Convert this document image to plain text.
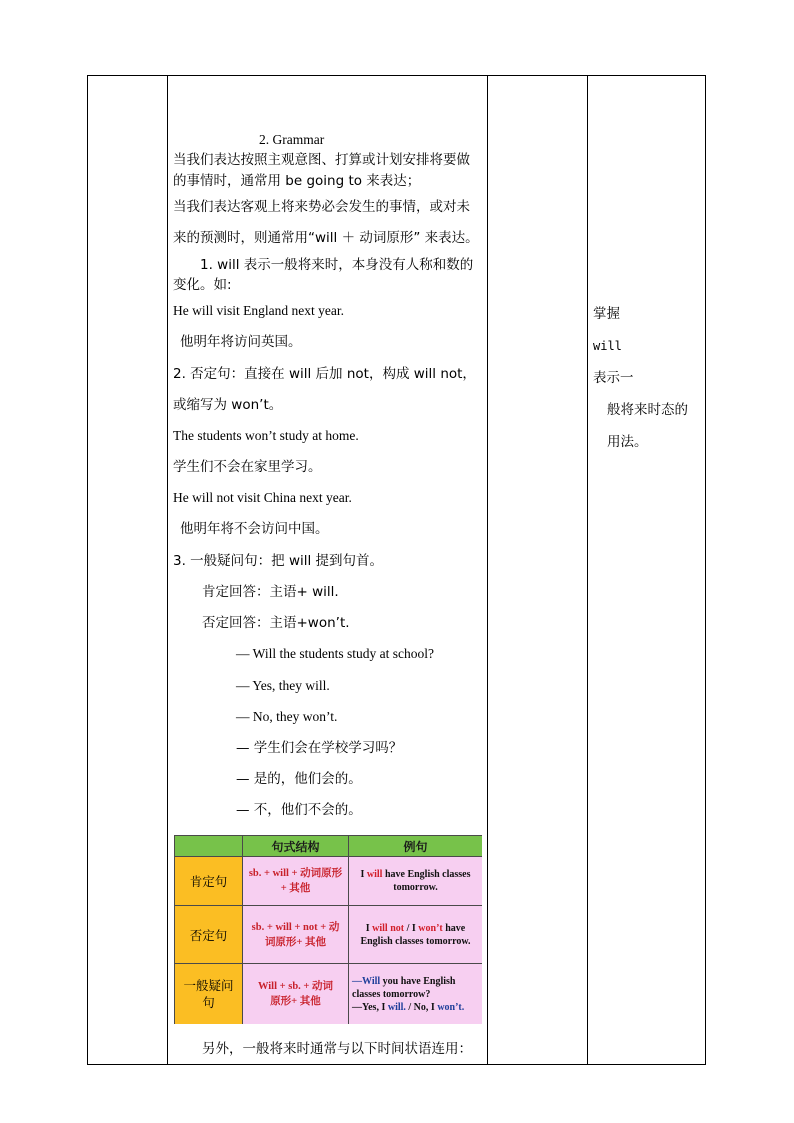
2. Grammar
当我们表达按照主观意图、打算或计划安排将要做
的事情时，通常用 be going to 来表达；
当我们表达客观上将来势必会发生的事情，或对未
来的预测时，则通常用“will ＋ 动词原形” 来表达。
1. will 表示一般将来时，本身没有人称和数的
变化。如:
He will visit England next year.
他明年将访问英国。
2. 否定句：直接在 will 后加 not，构成 will not，
或缩写为 won’t。
The students won’t study at home.
学生们不会在家里学习。
He will not visit China next year.
他明年将不会访问中国。
3. 一般疑问句：把 will 提到句首。
肯定回答：主语+ will.
否定回答：主语+won’t.
— Will the students study at school?
— Yes, they will.
— No, they won’t.
— 学生们会在学校学习吗？
— 是的，他们会的。
— 不，他们不会的。
句式结构	例句
肯定句
sb. + will + 动词原形 + 其他
I will have English classes tomorrow.
否定句
sb. + will + not + 动词原形+ 其他
I will not / I won’t have English classes tomorrow.
一般疑问句
Will + sb. + 动词原形+ 其他
—Will you have English classes tomorrow?
—Yes, I will. / No, I won’t.
另外，一般将来时通常与以下时间状语连用：
掌握
will
表示一
般将来时态的
用法。
